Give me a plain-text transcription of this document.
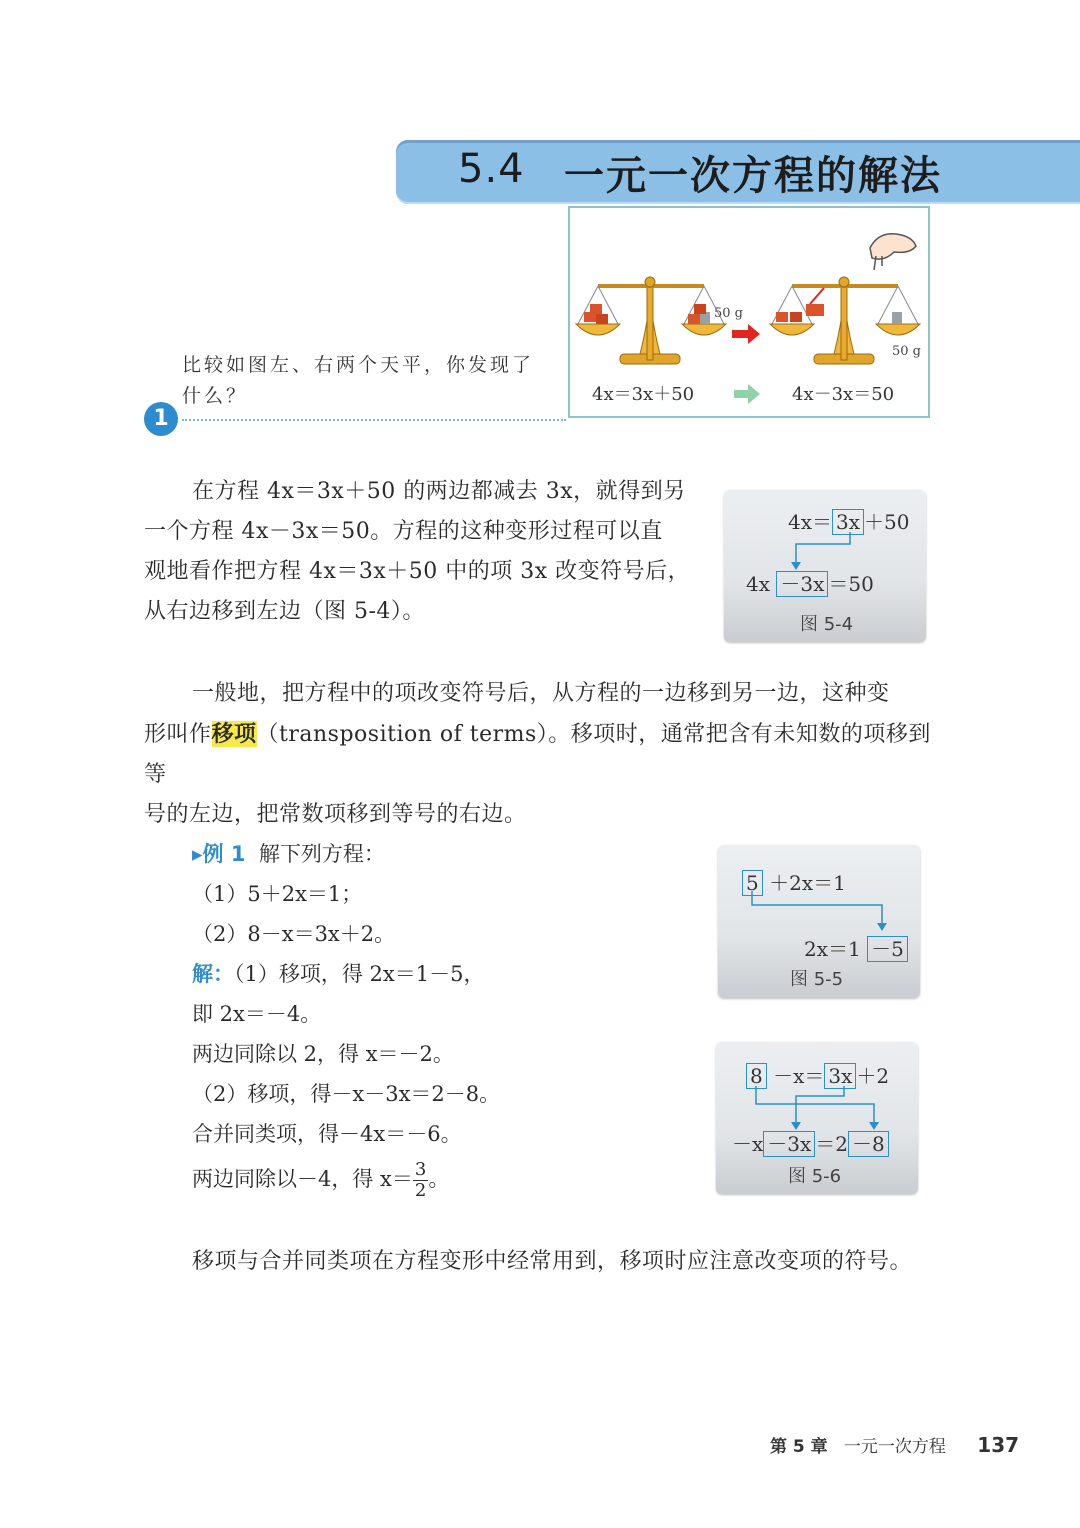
5.4 一元一次方程的解法
50 g
50 g
4x＝3x＋50	4x－3x＝50
比较如图左、右两个天平，你发现了什么？
1

在方程 4x＝3x＋50 的两边都减去 3x，就得到另

一个方程 4x－3x＝50。方程的这种变形过程可以直

观地看作把方程 4x＝3x＋50 中的项 3x 改变符号后，

从右边移到左边（图 5-4）。

4x＝ 3x ＋50
4x －3x ＝50
图 5-4

一般地，把方程中的项改变符号后，从方程的一边移到另一边，这种变

形叫作移项（transposition of terms）。移项时，通常把含有未知数的项移到等

号的左边，把常数项移到等号的右边。

▸例 1 解下列方程：
（1）5＋2x＝1；
（2）8－x＝3x＋2。
解：（1）移项，得 2x＝1－5，
即 2x＝－4。
两边同除以 2，得 x＝－2。
（2）移项，得－x－3x＝2－8。
合并同类项，得－4x＝－6。
两边同除以－4，得 $x= \frac{3}{2}$ 。
5 ＋2x＝1
2x＝1 －5
图 5-5
8 －x＝ 3x ＋2
－x －3x ＝2 －8
图 5-6
移项与合并同类项在方程变形中经常用到，移项时应注意改变项的符号。
第 5 章 一元一次方程 137
